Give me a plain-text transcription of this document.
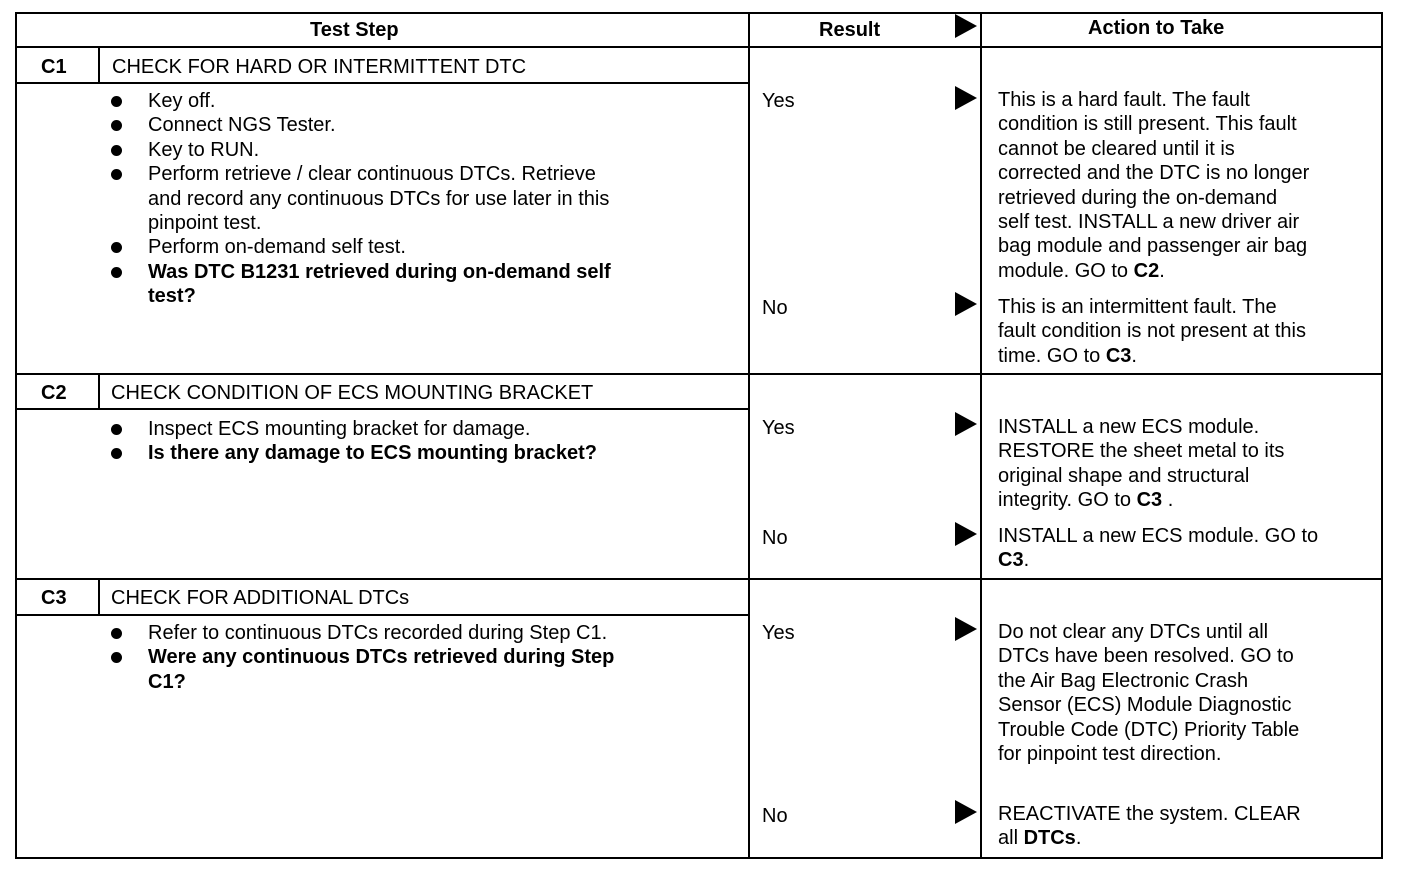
Test Step	Result	Action to Take
C1 CHECK FOR HARD OR INTERMITTENT DTC
Key off.
Connect NGS Tester.
Key to RUN.
Perform retrieve / clear continuous DTCs. Retrieve
and record any continuous DTCs for use later in this
pinpoint test.
Perform on-demand self test.
Was DTC B1231 retrieved during on-demand self
test?
Yes	This is a hard fault. The fault
condition is still present. This fault
cannot be cleared until it is
corrected and the DTC is no longer
retrieved during the on-demand
self test. INSTALL a new driver air
bag module and passenger air bag
module. GO to C2.
No	This is an intermittent fault. The
fault condition is not present at this
time. GO to C3.
C2 CHECK CONDITION OF ECS MOUNTING BRACKET
Inspect ECS mounting bracket for damage.
Is there any damage to ECS mounting bracket?
Yes	INSTALL a new ECS module.
RESTORE the sheet metal to its
original shape and structural
integrity. GO to C3 .
No	INSTALL a new ECS module. GO to
C3.
C3 CHECK FOR ADDITIONAL DTCs
Refer to continuous DTCs recorded during Step C1.
Were any continuous DTCs retrieved during Step
C1?
Yes	Do not clear any DTCs until all
DTCs have been resolved. GO to
the Air Bag Electronic Crash
Sensor (ECS) Module Diagnostic
Trouble Code (DTC) Priority Table
for pinpoint test direction.
No	REACTIVATE the system. CLEAR
all DTCs.
